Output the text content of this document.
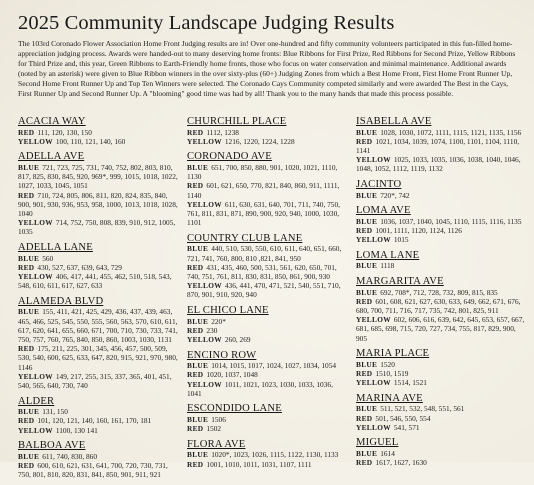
2025 Community Landscape Judging Results
The 103rd Coronado Flower Association Home Front Judging results are in! Over one-hundred and fifty community volunteers participated in this fun-filled home-appreciation judging process. Awards were handed-out to many deserving home fronts: Blue Ribbons for First Prize, Red Ribbons for Second Prize, Yellow Ribbons for Third Prize and, this year, Green Ribbons to Earth-Friendly home fronts, those who focus on water conservation and minimal maintenance. Additional awards (noted by an asterisk) were given to Blue Ribbon winners in the over sixty-plus (60+) Judging Zones from which a Best Home Front, First Home Front Runner Up, Second Home Front Runner Up and Top Ten Winners were selected. The Coronado Cays Community competed similarly and were awarded The Best in the Cays, First Runner Up and Second Runner Up. A "blooming" good time was had by all! Thank you to the many hands that made this process possible.
ACACIA WAY
RED 111, 120, 130, 150
YELLOW 100, 110, 121, 140, 160
ADELLA AVE
BLUE 721, 723, 725, 731, 740, 752, 802, 803, 810, 817, 825, 830, 845, 920, 969*, 999, 1015, 1018, 1022, 1027, 1033, 1045, 1051
RED 710, 724, 805, 806, 811, 820, 824, 835, 840, 900, 901, 930, 936, 953, 958, 1000, 1013, 1018, 1028, 1040
YELLOW 714, 752, 750, 808, 839, 910, 912, 1005, 1035
ADELLA LANE
BLUE 560
RED 430, 527, 637, 639, 643, 729
YELLOW 406, 417, 441, 455, 462, 510, 518, 543, 548, 610, 611, 617, 627, 633
ALAMEDA BLVD
BLUE 155, 411, 421, 425, 429, 436, 437, 439, 463, 465, 466, 525, 545, 550, 555, 560, 563, 570, 610, 611, 617, 620, 641, 655, 660, 671, 700, 710, 730, 733, 741, 750, 757, 760, 765, 840, 850, 860, 1003, 1030, 1131
RED 175, 211, 225, 301, 345, 456, 457, 500, 509, 530, 540, 600, 625, 633, 647, 820, 915, 921, 970, 980, 1146
YELLOW 149, 217, 255, 315, 337, 365, 401, 451, 540, 565, 640, 730, 740
ALDER
BLUE 131, 150
RED 101, 120, 121, 140, 160, 161, 170, 181
YELLOW 1100, 130 141
BALBOA AVE
BLUE 611, 740, 830, 860
RED 600, 610, 621, 631, 641, 700, 720, 730, 731, 750, 801, 810, 820, 831, 841, 850, 901, 911, 921
CHURCHILL PLACE
RED 1112, 1238
YELLOW 1216, 1220, 1224, 1228
CORONADO AVE
BLUE 651, 700, 850, 880, 901, 1020, 1021, 1110, 1130
RED 601, 621, 650, 770, 821, 840, 860, 911, 1111, 1140
YELLOW 611, 630, 631, 640, 701, 711, 740, 750, 761, 811, 831, 871, 890, 900, 920, 940, 1000, 1030, 1101
COUNTRY CLUB LANE
BLUE 440, 510, 530, 550, 610, 611, 640, 651, 660, 721, 741, 760, 800, 810 ,821, 841, 950
RED 431, 435, 460, 500, 531, 561, 620, 650, 701, 740, 751, 761, 811, 830, 831, 850, 861, 900, 930
YELLOW 436, 441, 470, 471, 521, 540, 551, 710, 870, 901, 910, 920, 940
EL CHICO LANE
BLUE 220*
RED 230
YELLOW 260, 269
ENCINO ROW
BLUE 1014, 1015, 1017, 1024, 1027, 1034, 1054
RED 1020, 1037, 1048
YELLOW 1011, 1021, 1023, 1030, 1033, 1036, 1041
ESCONDIDO LANE
BLUE 1506
RED 1502
FLORA AVE
BLUE 1020*, 1023, 1026, 1115, 1122, 1130, 1133
RED 1001, 1010, 1011, 1031, 1107, 1111
ISABELLA AVE
BLUE 1028, 1030, 1072, 1111, 1115, 1121, 1135, 1156
RED 1021, 1034, 1039, 1074, 1100, 1101, 1104, 1110, 1141
YELLOW 1025, 1033, 1035, 1036, 1038, 1040, 1046, 1048, 1052, 1112, 1119, 1132
JACINTO
BLUE 720*, 742
LOMA AVE
BLUE 1036, 1037, 1040, 1045, 1110, 1115, 1116, 1135
RED 1001, 1111, 1120, 1124, 1126
YELLOW 1015
LOMA LANE
BLUE 1118
MARGARITA AVE
BLUE 692, 708*, 712, 728, 732, 809, 815, 835
RED 601, 608, 621, 627, 630, 633, 649, 662, 671, 676, 680, 700, 711, 716, 717, 735, 742, 801, 825, 911
YELLOW 602, 606, 616, 639, 642, 645, 653, 657, 667, 681, 685, 698, 715, 720, 727, 734, 755, 817, 829, 900, 905
MARIA PLACE
BLUE 1520
RED 1510, 1519
YELLOW 1514, 1521
MARINA AVE
BLUE 511, 521, 532, 548, 551, 561
RED 501, 546, 550, 554
YELLOW 541, 571
MIGUEL
BLUE 1614
RED 1617, 1627, 1630
